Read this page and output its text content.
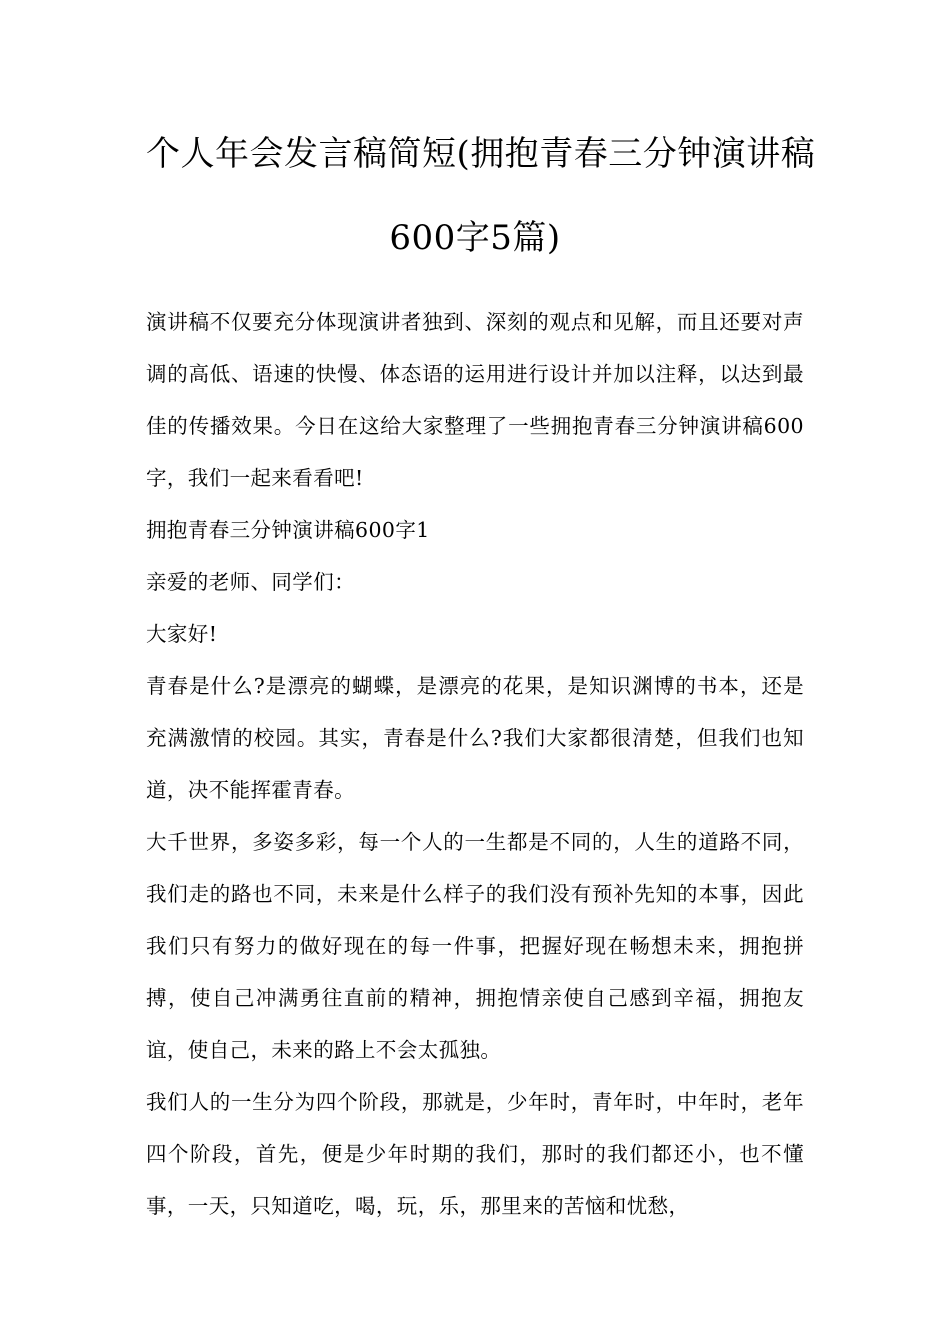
个人年会发言稿简短(拥抱青春三分钟演讲稿
600字5篇)

演讲稿不仅要充分体现演讲者独到、深刻的观点和见解，而且还要对声调的高低、语速的快慢、体态语的运用进行设计并加以注释，以达到最佳的传播效果。今日在这给大家整理了一些拥抱青春三分钟演讲稿600字，我们一起来看看吧!

拥抱青春三分钟演讲稿600字1

亲爱的老师、同学们：

大家好!

青春是什么?是漂亮的蝴蝶，是漂亮的花果，是知识渊博的书本，还是充满激情的校园。其实，青春是什么?我们大家都很清楚，但我们也知道，决不能挥霍青春。

大千世界，多姿多彩，每一个人的一生都是不同的，人生的道路不同，我们走的路也不同，未来是什么样子的我们没有预补先知的本事，因此我们只有努力的做好现在的每一件事，把握好现在畅想未来，拥抱拼搏，使自己冲满勇往直前的精神，拥抱情亲使自己感到辛福，拥抱友谊，使自己，未来的路上不会太孤独。

我们人的一生分为四个阶段，那就是，少年时，青年时，中年时，老年四个阶段，首先，便是少年时期的我们，那时的我们都还小，也不懂事，一天，只知道吃，喝，玩，乐，那里来的苦恼和忧愁，
